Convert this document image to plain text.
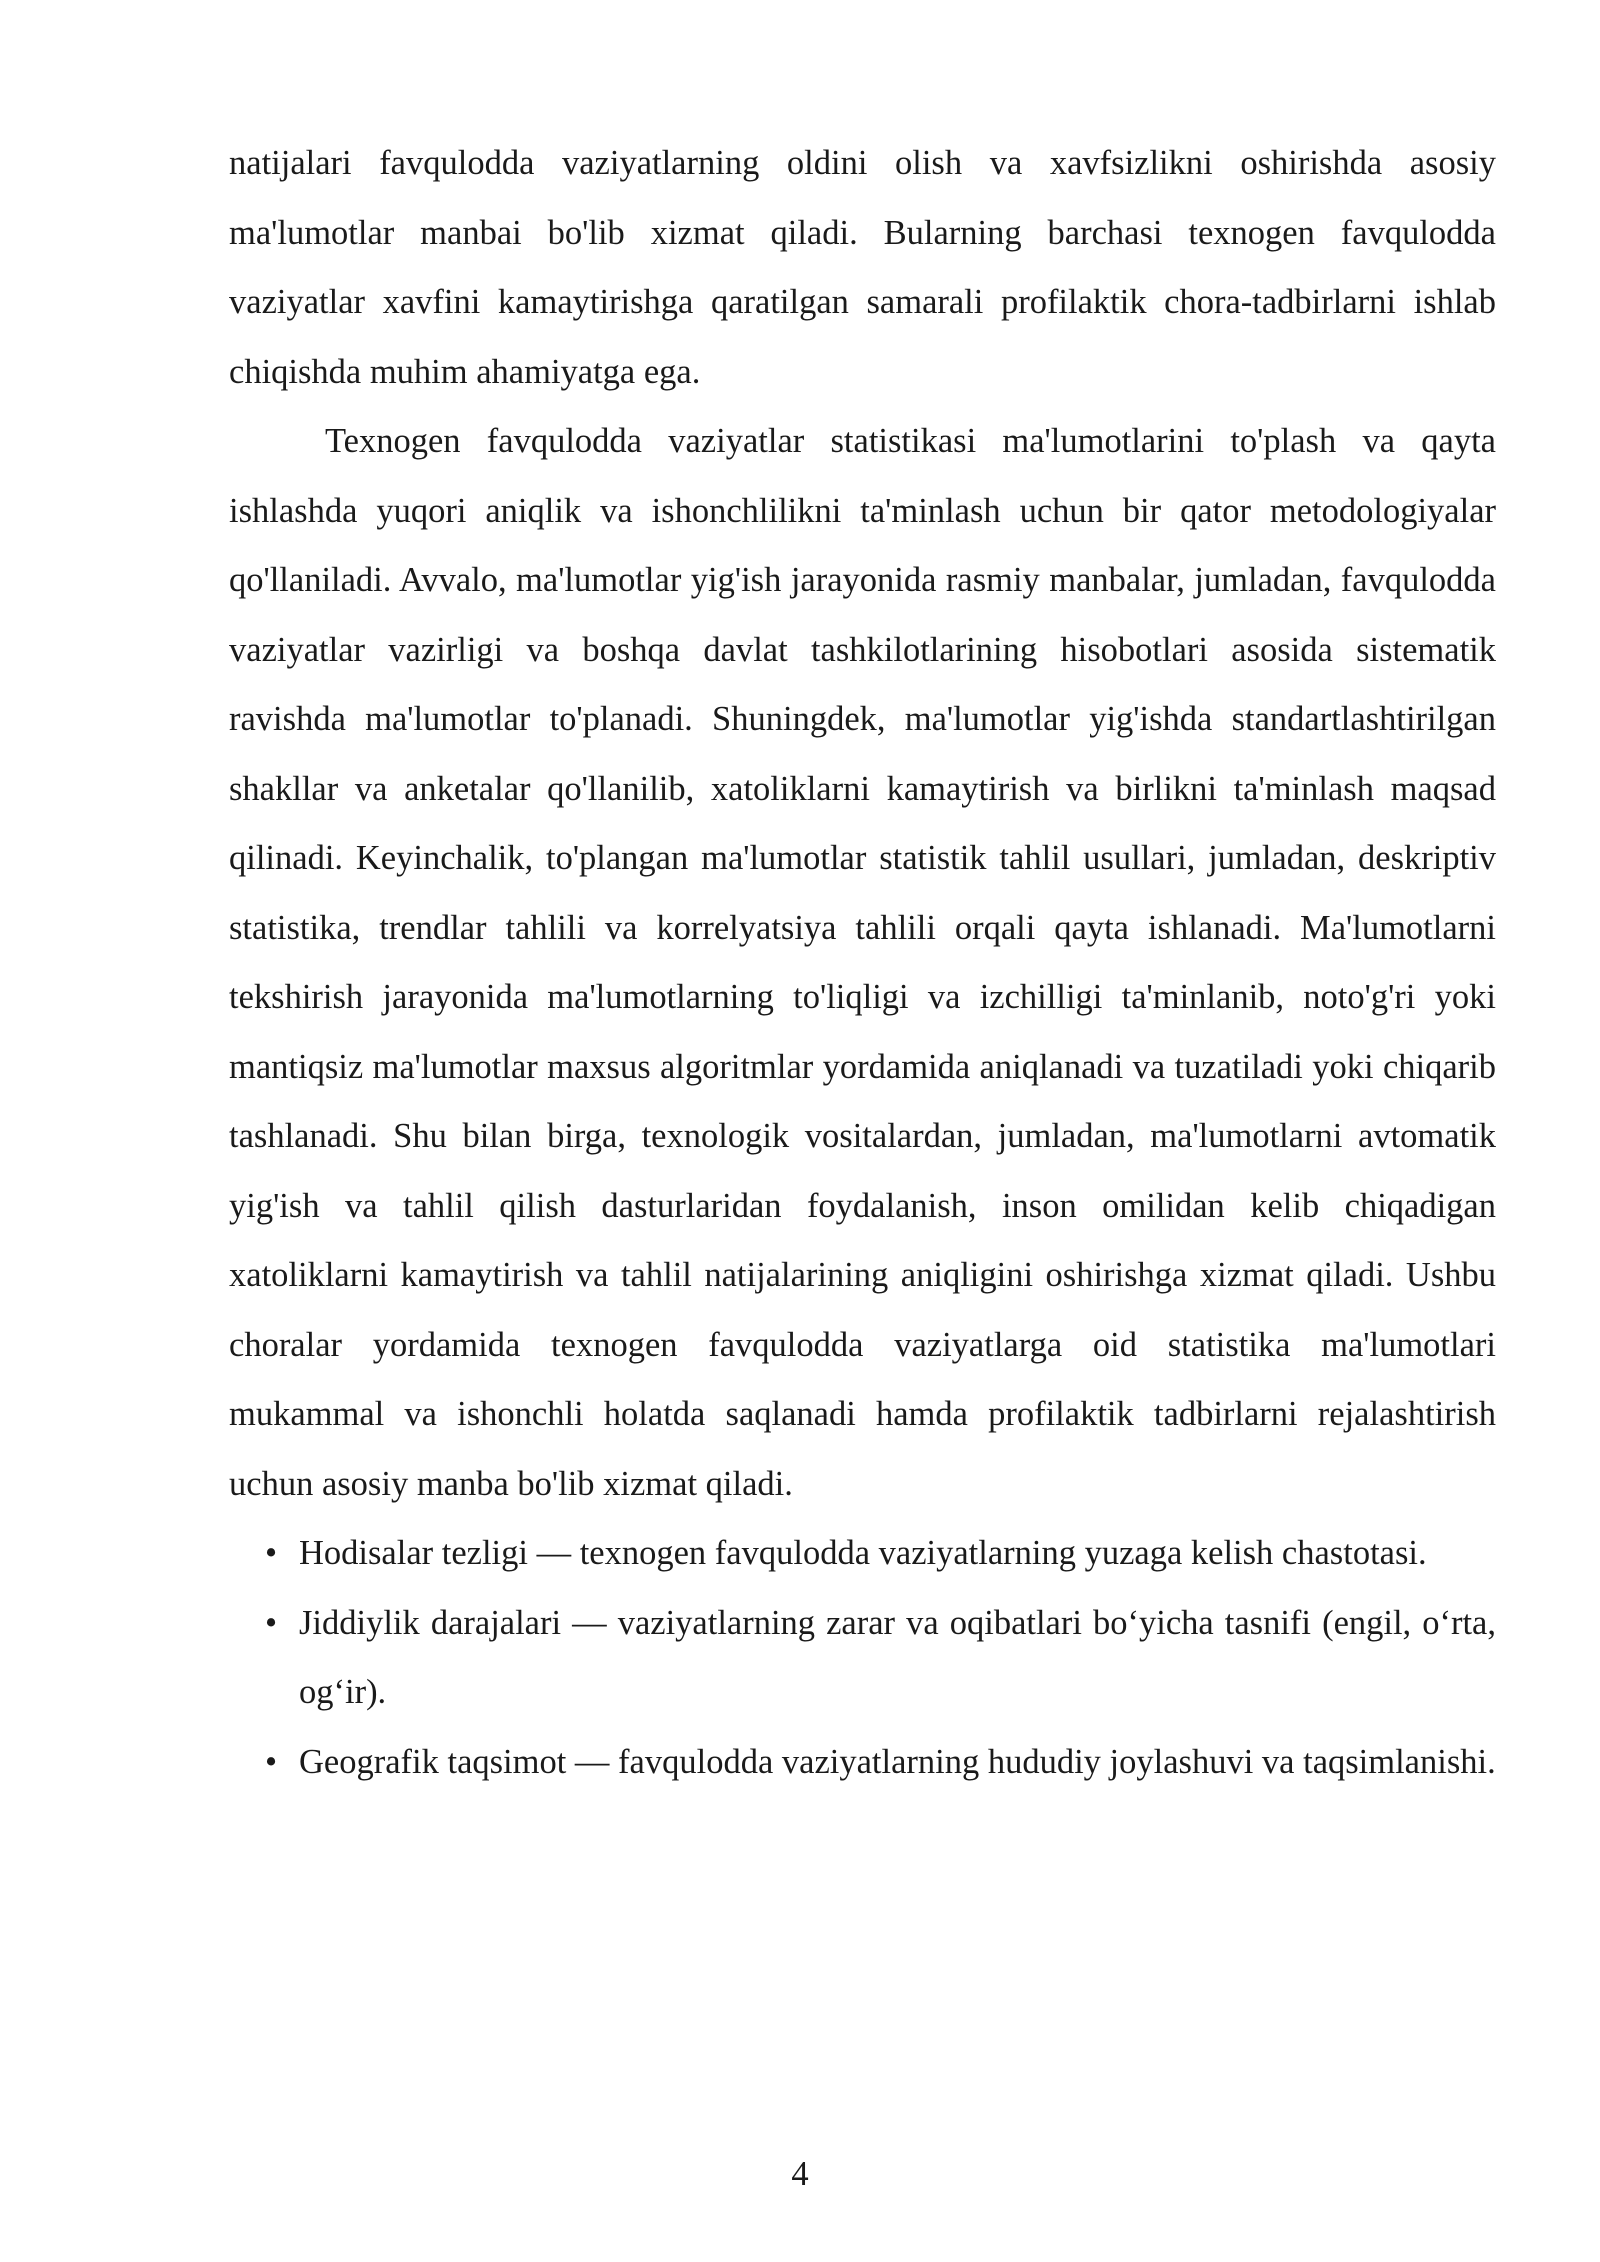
natijalari favqulodda vaziyatlarning oldini olish va xavfsizlikni oshirishda asosiy ma'lumotlar manbai bo'lib xizmat qiladi. Bularning barchasi texnogen favqulodda vaziyatlar xavfini kamaytirishga qaratilgan samarali profilaktik chora-tadbirlarni ishlab chiqishda muhim ahamiyatga ega.

Texnogen favqulodda vaziyatlar statistikasi ma'lumotlarini to'plash va qayta ishlashda yuqori aniqlik va ishonchlilikni ta'minlash uchun bir qator metodologiyalar qo'llaniladi. Avvalo, ma'lumotlar yig'ish jarayonida rasmiy manbalar, jumladan, favqulodda vaziyatlar vazirligi va boshqa davlat tashkilotlarining hisobotlari asosida sistematik ravishda ma'lumotlar to'planadi. Shuningdek, ma'lumotlar yig'ishda standartlashtirilgan shakllar va anketalar qo'llanilib, xatoliklarni kamaytirish va birlikni ta'minlash maqsad qilinadi. Keyinchalik, to'plangan ma'lumotlar statistik tahlil usullari, jumladan, deskriptiv statistika, trendlar tahlili va korrelyatsiya tahlili orqali qayta ishlanadi. Ma'lumotlarni tekshirish jarayonida ma'lumotlarning to'liqligi va izchilligi ta'minlanib, noto'g'ri yoki mantiqsiz ma'lumotlar maxsus algoritmlar yordamida aniqlanadi va tuzatiladi yoki chiqarib tashlanadi. Shu bilan birga, texnologik vositalardan, jumladan, ma'lumotlarni avtomatik yig'ish va tahlil qilish dasturlaridan foydalanish, inson omilidan kelib chiqadigan xatoliklarni kamaytirish va tahlil natijalarining aniqligini oshirishga xizmat qiladi. Ushbu choralar yordamida texnogen favqulodda vaziyatlarga oid statistika ma'lumotlari mukammal va ishonchli holatda saqlanadi hamda profilaktik tadbirlarni rejalashtirish uchun asosiy manba bo'lib xizmat qiladi.

• Hodisalar tezligi — texnogen favqulodda vaziyatlarning yuzaga kelish chastotasi.
• Jiddiylik darajalari — vaziyatlarning zarar va oqibatlari bo‘yicha tasnifi (engil, o‘rta, og‘ir).
• Geografik taqsimot — favqulodda vaziyatlarning hududiy joylashuvi va taqsimlanishi.
4
